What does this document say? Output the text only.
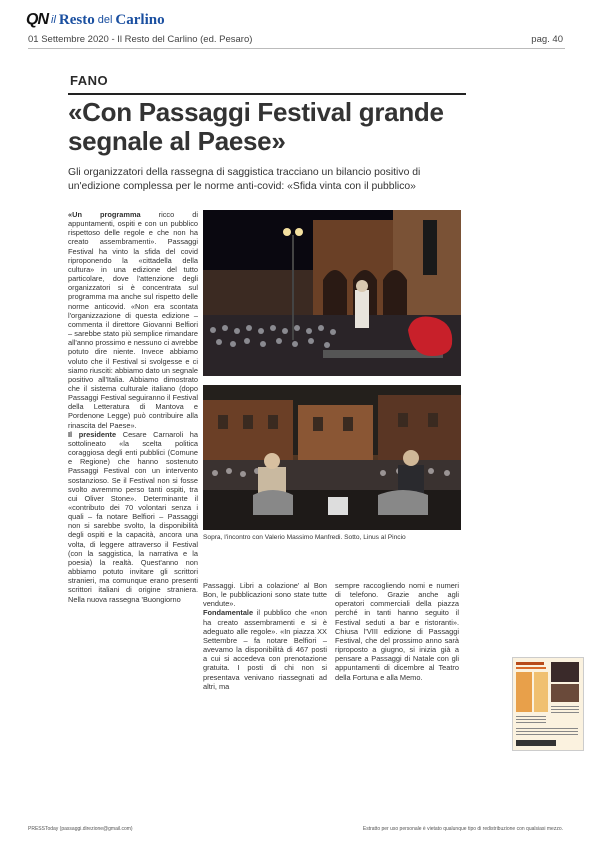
QN il Resto del Carlino
01 Settembre 2020 - Il Resto del Carlino (ed. Pesaro)	pag. 40
FANO
«Con Passaggi Festival grande segnale al Paese»
Gli organizzatori della rassegna di saggistica tracciano un bilancio positivo di un'edizione complessa per le norme anti-covid: «Sfida vinta con il pubblico»

«Un programma ricco di appuntamenti, ospiti e con un pubblico rispettoso delle regole e che non ha creato assembramenti». Passaggi Festival ha vinto la sfida del covid riproponendo la «cittadella della cultura» in una edizione del tutto particolare, dove l'attenzione degli organizzatori si è concentrata sul programma ma anche sul rispetto delle norme anticovid. «Non era scontata l'organizzazione di questa edizione – commenta il direttore Giovanni Belfiori – sarebbe stato più semplice rimandare all'anno prossimo e nessuno ci avrebbe potuto dire niente. Invece abbiamo voluto che il Festival si svolgesse e ci siamo riusciti: abbiamo dato un segnale positivo all'Italia. Abbiamo dimostrato che il sistema culturale italiano (dopo Passaggi Festival seguiranno il Festival della Letteratura di Mantova e Pordenone Legge) può contribuire alla rinascita del Paese».

Il presidente Cesare Carnaroli ha sottolineato «la scelta politica coraggiosa degli enti pubblici (Comune e Regione) che hanno sostenuto Passaggi Festival con un intervento sostanzioso. Se il Festival non si fosse svolto avremmo perso tanti ospiti, tra cui Oliver Stone». Determinante il «contributo dei 70 volontari senza i quali – fa notare Belfiori – Passaggi non si sarebbe svolto, la disponibilità degli ospiti e la capacità, ancora una volta, di leggere attraverso il Festival (con la saggistica, la narrativa e la poesia) la realtà. Quest'anno non abbiamo potuto invitare gli scrittori stranieri, ma comunque erano presenti scrittori italiani di origine straniera. Nella nuova rassegna 'Buongiorno

Sopra, l'incontro con Valerio Massimo Manfredi. Sotto, Linus al Pincio

Passaggi. Libri a colazione' al Bon Bon, le pubblicazioni sono state tutte vendute».

Fondamentale il pubblico che «non ha creato assembramenti e si è adeguato alle regole». «In piazza XX Settembre – fa notare Belfiori – avevamo la disponibilità di 467 posti a cui si accedeva con prenotazione gratuita. I posti di chi non si presentava venivano riassegnati ad altri, ma

sempre raccogliendo nomi e numeri di telefono. Grazie anche agli operatori commerciali della piazza perché in tanti hanno seguito il Festival seduti a bar e ristoranti». Chiusa l'VIII edizione di Passaggi Festival, che del prossimo anno sarà riproposto a giugno, si inizia già a pensare a Passaggi di Natale con gli appuntamenti di dicembre al Teatro della Fortuna e alla Memo.

PRESSToday (passaggi.direzione@gmail.com)	Estratto per uso personale è vietato qualunque tipo di redistribuzione con qualsiasi mezzo.
